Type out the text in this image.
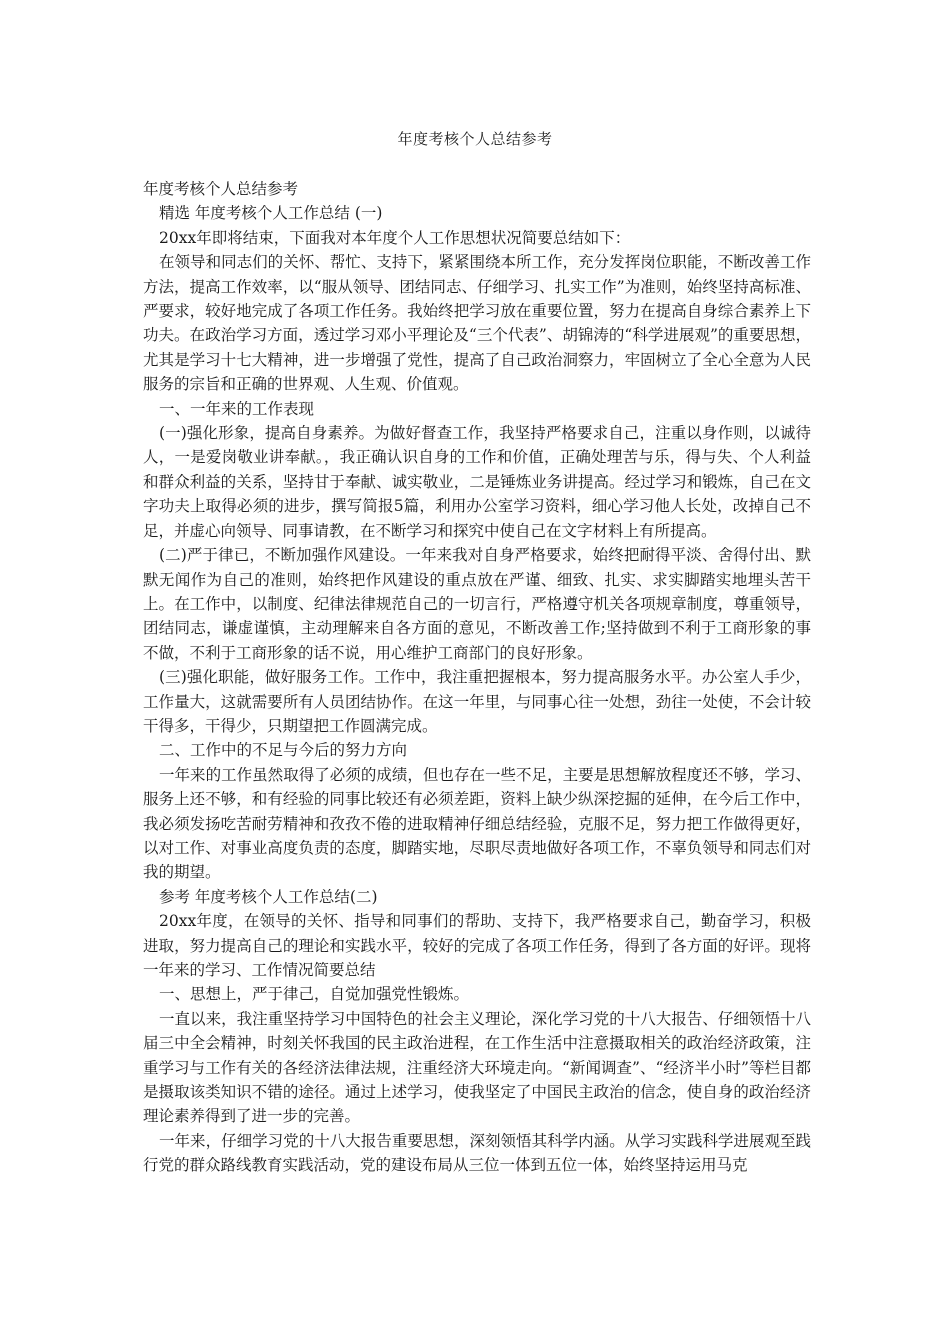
年度考核个人总结参考

年度考核个人总结参考

精选 年度考核个人工作总结 (一)

20xx年即将结束，下面我对本年度个人工作思想状况简要总结如下：

在领导和同志们的关怀、帮忙、支持下，紧紧围绕本所工作，充分发挥岗位职能，不断改善工作方法，提高工作效率，以“服从领导、团结同志、仔细学习、扎实工作”为准则，始终坚持高标准、严要求，较好地完成了各项工作任务。我始终把学习放在重要位置，努力在提高自身综合素养上下功夫。在政治学习方面，透过学习邓小平理论及“三个代表”、胡锦涛的“科学进展观”的重要思想，尤其是学习十七大精神，进一步增强了党性，提高了自己政治洞察力，牢固树立了全心全意为人民服务的宗旨和正确的世界观、人生观、价值观。

一、一年来的工作表现

(一)强化形象，提高自身素养。为做好督查工作，我坚持严格要求自己，注重以身作则，以诚待人，一是爱岗敬业讲奉献。，我正确认识自身的工作和价值，正确处理苦与乐，得与失、个人利益和群众利益的关系，坚持甘于奉献、诚实敬业，二是锤炼业务讲提高。经过学习和锻炼，自己在文字功夫上取得必须的进步，撰写简报5篇，利用办公室学习资料，细心学习他人长处，改掉自己不足，并虚心向领导、同事请教，在不断学习和探究中使自己在文字材料上有所提高。

(二)严于律已，不断加强作风建设。一年来我对自身严格要求，始终把耐得平淡、舍得付出、默默无闻作为自己的准则，始终把作风建设的重点放在严谨、细致、扎实、求实脚踏实地埋头苦干上。在工作中，以制度、纪律法律规范自己的一切言行，严格遵守机关各项规章制度，尊重领导，团结同志，谦虚谨慎，主动理解来自各方面的意见，不断改善工作;坚持做到不利于工商形象的事不做，不利于工商形象的话不说，用心维护工商部门的良好形象。

(三)强化职能，做好服务工作。工作中，我注重把握根本，努力提高服务水平。办公室人手少，工作量大，这就需要所有人员团结协作。在这一年里，与同事心往一处想，劲往一处使，不会计较干得多，干得少，只期望把工作圆满完成。

二、工作中的不足与今后的努力方向

一年来的工作虽然取得了必须的成绩，但也存在一些不足，主要是思想解放程度还不够，学习、服务上还不够，和有经验的同事比较还有必须差距，资料上缺少纵深挖掘的延伸，在今后工作中，我必须发扬吃苦耐劳精神和孜孜不倦的进取精神仔细总结经验，克服不足，努力把工作做得更好，以对工作、对事业高度负责的态度，脚踏实地，尽职尽责地做好各项工作，不辜负领导和同志们对我的期望。

参考 年度考核个人工作总结(二)

20xx年度，在领导的关怀、指导和同事们的帮助、支持下，我严格要求自己，勤奋学习，积极进取，努力提高自己的理论和实践水平，较好的完成了各项工作任务，得到了各方面的好评。现将一年来的学习、工作情况简要总结

一、思想上，严于律己，自觉加强党性锻炼。

一直以来，我注重坚持学习中国特色的社会主义理论，深化学习党的十八大报告、仔细领悟十八届三中全会精神，时刻关怀我国的民主政治进程，在工作生活中注意摄取相关的政治经济政策，注重学习与工作有关的各经济法律法规，注重经济大环境走向。“新闻调查”、“经济半小时”等栏目都是摄取该类知识不错的途径。通过上述学习，使我坚定了中国民主政治的信念，使自身的政治经济理论素养得到了进一步的完善。

一年来，仔细学习党的十八大报告重要思想，深刻领悟其科学内涵。从学习实践科学进展观至践行党的群众路线教育实践活动，党的建设布局从三位一体到五位一体，始终坚持运用马克
